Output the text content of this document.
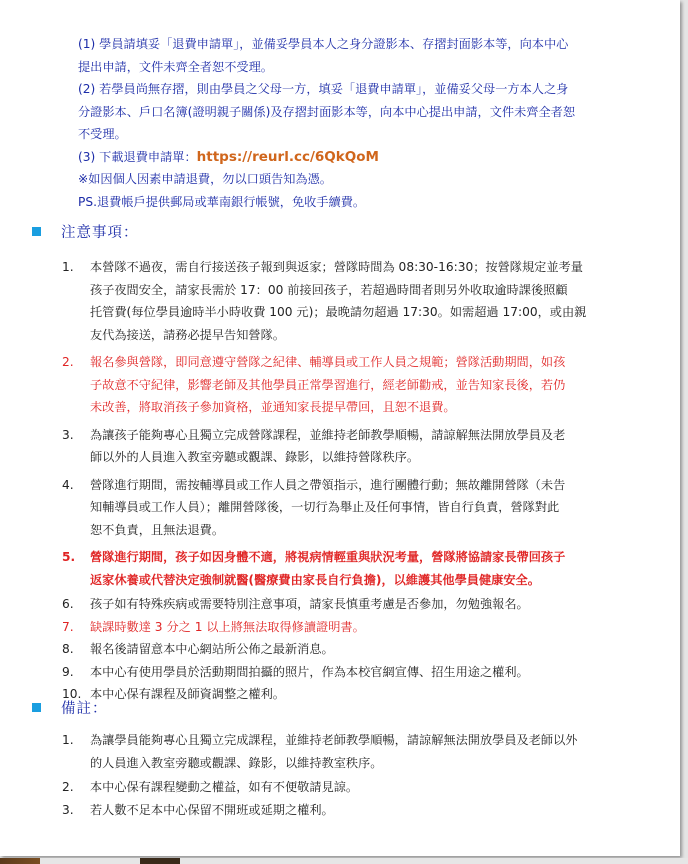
(1) 學員請填妥「退費申請單」，並備妥學員本人之身分證影本、存摺封面影本等，向本中心
提出申請，文件未齊全者恕不受理。
(2) 若學員尚無存摺，則由學員之父母一方，填妥「退費申請單」，並備妥父母一方本人之身
分證影本、戶口名簿(證明親子關係)及存摺封面影本等，向本中心提出申請，文件未齊全者恕
不受理。
(3) 下載退費申請單：https://reurl.cc/6QkQoM
※如因個人因素申請退費，勿以口頭告知為憑。
PS.退費帳戶提供郵局或華南銀行帳號，免收手續費。
注意事項：
1.	本營隊不過夜，需自行接送孩子報到與返家；營隊時間為 08:30-16:30；按營隊規定並考量
孩子夜間安全，請家長需於 17：00 前接回孩子，若超過時間者則另外收取逾時課後照顧
托管費(每位學員逾時半小時收費 100 元)；最晚請勿超過 17:30。如需超過 17:00，或由親
友代為接送，請務必提早告知營隊。
2.	報名參與營隊，即同意遵守營隊之紀律、輔導員或工作人員之規範；營隊活動期間，如孩
子故意不守紀律，影響老師及其他學員正常學習進行，經老師勸戒，並告知家長後，若仍
未改善，將取消孩子參加資格，並通知家長提早帶回，且恕不退費。
3.	為讓孩子能夠專心且獨立完成營隊課程，並維持老師教學順暢，請諒解無法開放學員及老
師以外的人員進入教室旁聽或觀課、錄影，以維持營隊秩序。
4.	營隊進行期間，需按輔導員或工作人員之帶領指示，進行團體行動；無故離開營隊（未告
知輔導員或工作人員）；離開營隊後，一切行為舉止及任何事情，皆自行負責，營隊對此
恕不負責，且無法退費。
5.	營隊進行期間，孩子如因身體不適，將視病情輕重與狀況考量，營隊將協請家長帶回孩子
返家休養或代替決定強制就醫(醫療費由家長自行負擔)，以維護其他學員健康安全。
6.	孩子如有特殊疾病或需要特別注意事項，請家長慎重考慮是否參加，勿勉強報名。
7.	缺課時數達 3 分之 1 以上將無法取得修讀證明書。
8.	報名後請留意本中心網站所公佈之最新消息。
9.	本中心有使用學員於活動期間拍攝的照片，作為本校官網宣傳、招生用途之權利。
10. 本中心保有課程及師資調整之權利。
備註：
1.	為讓學員能夠專心且獨立完成課程，並維持老師教學順暢，請諒解無法開放學員及老師以外
的人員進入教室旁聽或觀課、錄影，以維持教室秩序。
2.	本中心保有課程變動之權益，如有不便敬請見諒。
3.	若人數不足本中心保留不開班或延期之權利。
